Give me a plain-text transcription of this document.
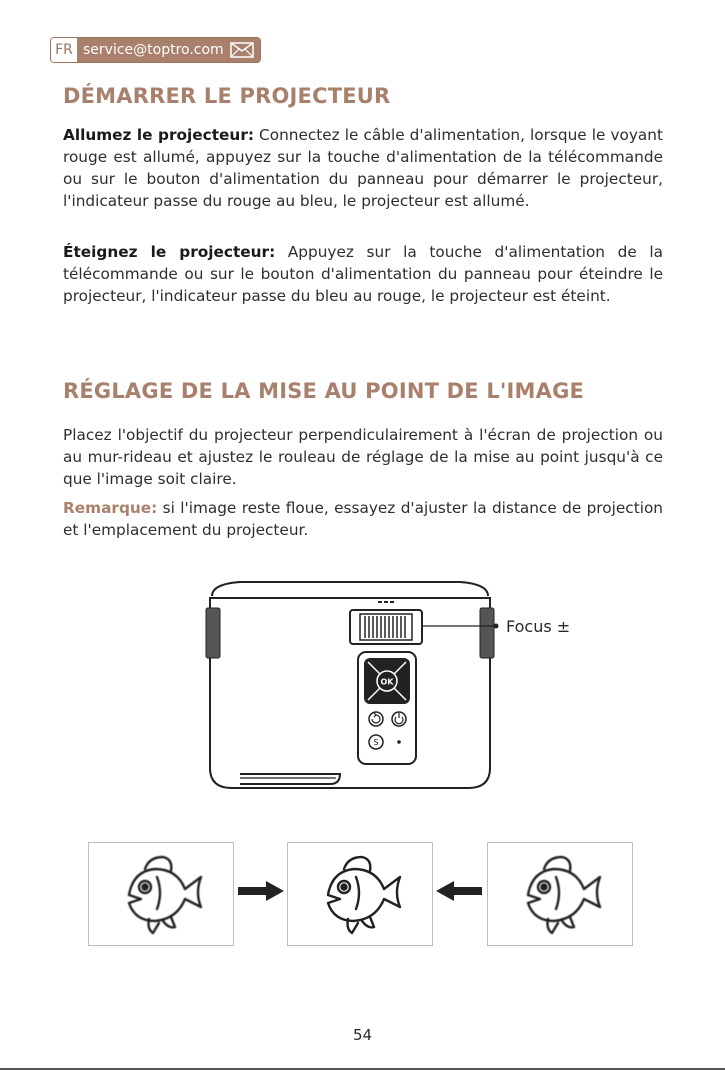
FR service@toptro.com
DÉMARRER LE PROJECTEUR

Allumez le projecteur: Connectez le câble d'alimentation, lorsque le voyant rouge est allumé, appuyez sur la touche d'alimentation de la télécommande ou sur le bouton d'alimentation du panneau pour démarrer le projecteur, l'indicateur passe du rouge au bleu, le projecteur est allumé.

Éteignez le projecteur: Appuyez sur la touche d'alimentation de la télécommande ou sur le bouton d'alimentation du panneau pour éteindre le projecteur, l'indicateur passe du bleu au rouge, le projecteur est éteint.

RÉGLAGE DE LA MISE AU POINT DE L'IMAGE

Placez l'objectif du projecteur perpendiculairement à l'écran de projection ou au mur-rideau et ajustez le rouleau de réglage de la mise au point jusqu'à ce que l'image soit claire.

Remarque: si l'image reste floue, essayez d'ajuster la distance de projection et l'emplacement du projecteur.

OK
S
Focus ±
54
